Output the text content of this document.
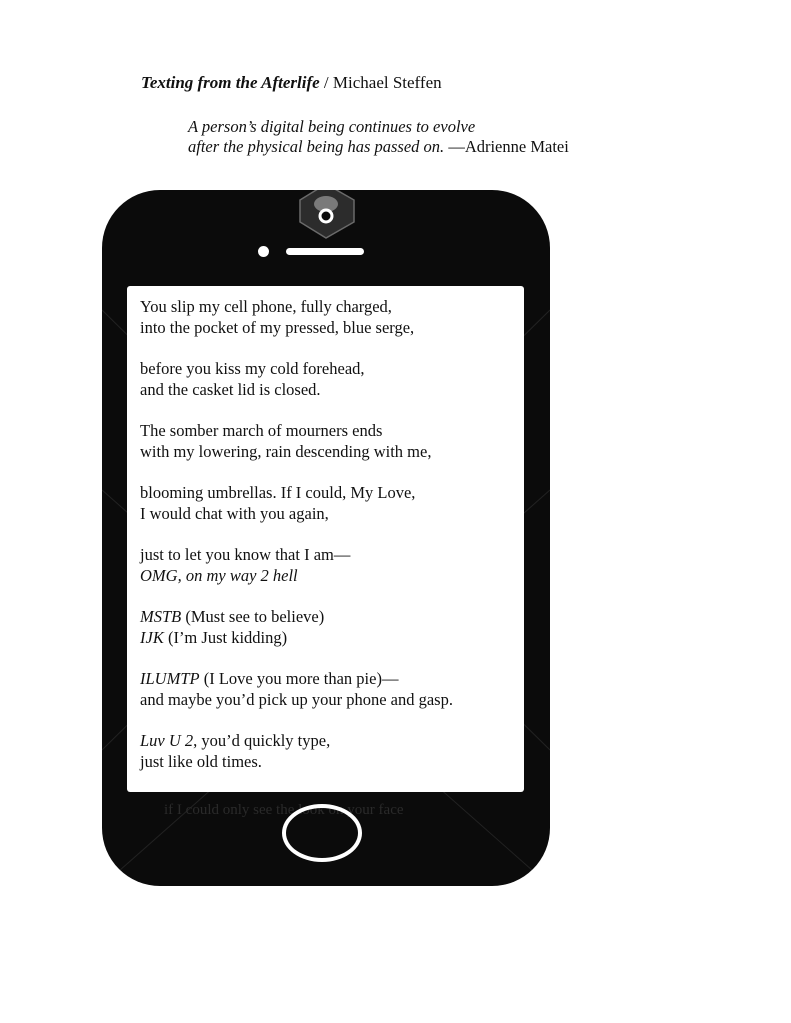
Texting from the Afterlife / Michael Steffen
A person’s digital being continues to evolve
after the physical being has passed on. —Adrienne Matei
You slip my cell phone, fully charged,
into the pocket of my pressed, blue serge,
before you kiss my cold forehead,
and the casket lid is closed.
The somber march of mourners ends
with my lowering, rain descending with me,
blooming umbrellas. If I could, My Love,
I would chat with you again,
just to let you know that I am—
OMG, on my way 2 hell
MSTB (Must see to believe)
IJK (I’m Just kidding)
ILUMTP (I Love you more than pie)—
and maybe you’d pick up your phone and gasp.
Luv U 2, you’d quickly type,
just like old times.
if I could only see the look on your face
